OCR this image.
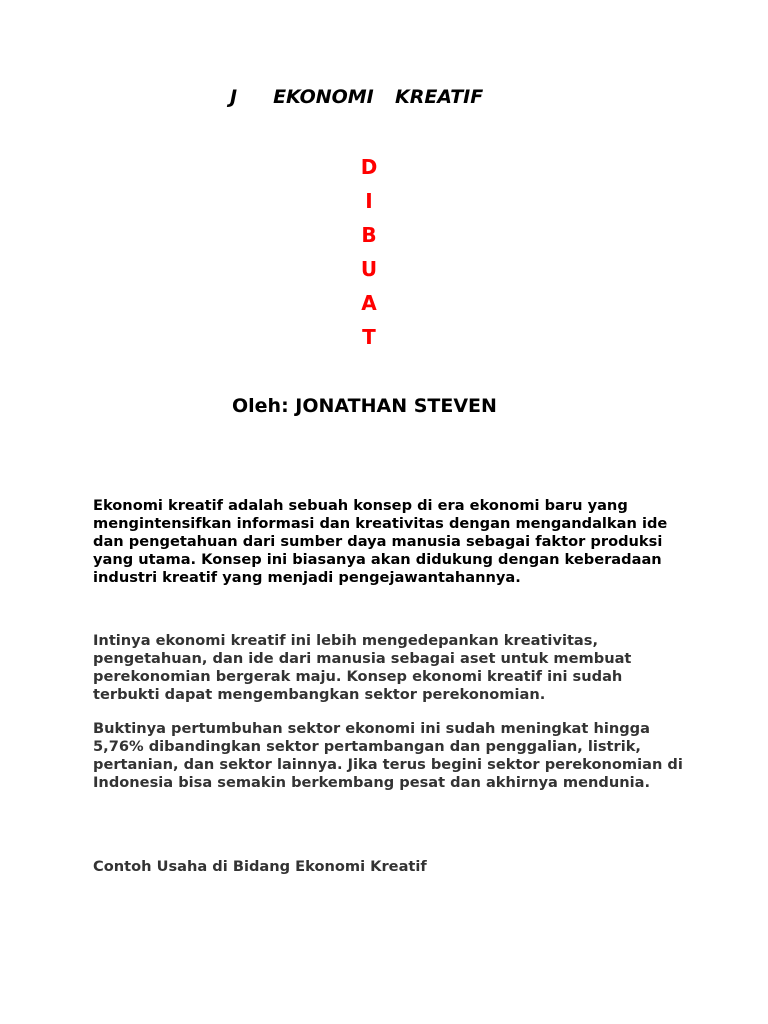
J EKONOMI  KREATIF
D
I
B
U
A
T
Oleh: JONATHAN STEVEN

Ekonomi kreatif adalah sebuah konsep di era ekonomi baru yang mengintensifkan informasi dan kreativitas dengan mengandalkan ide dan pengetahuan dari sumber daya manusia sebagai faktor produksi yang utama. Konsep ini biasanya akan didukung dengan keberadaan industri kreatif yang menjadi pengejawantahannya.

Intinya ekonomi kreatif ini lebih mengedepankan kreativitas, pengetahuan, dan ide dari manusia sebagai aset untuk membuat perekonomian bergerak maju. Konsep ekonomi kreatif ini sudah terbukti dapat mengembangkan sektor perekonomian.

Buktinya pertumbuhan sektor ekonomi ini sudah meningkat hingga 5,76% dibandingkan sektor pertambangan dan penggalian, listrik, pertanian, dan sektor lainnya. Jika terus begini sektor perekonomian di Indonesia bisa semakin berkembang pesat dan akhirnya mendunia.

Contoh Usaha di Bidang Ekonomi Kreatif
